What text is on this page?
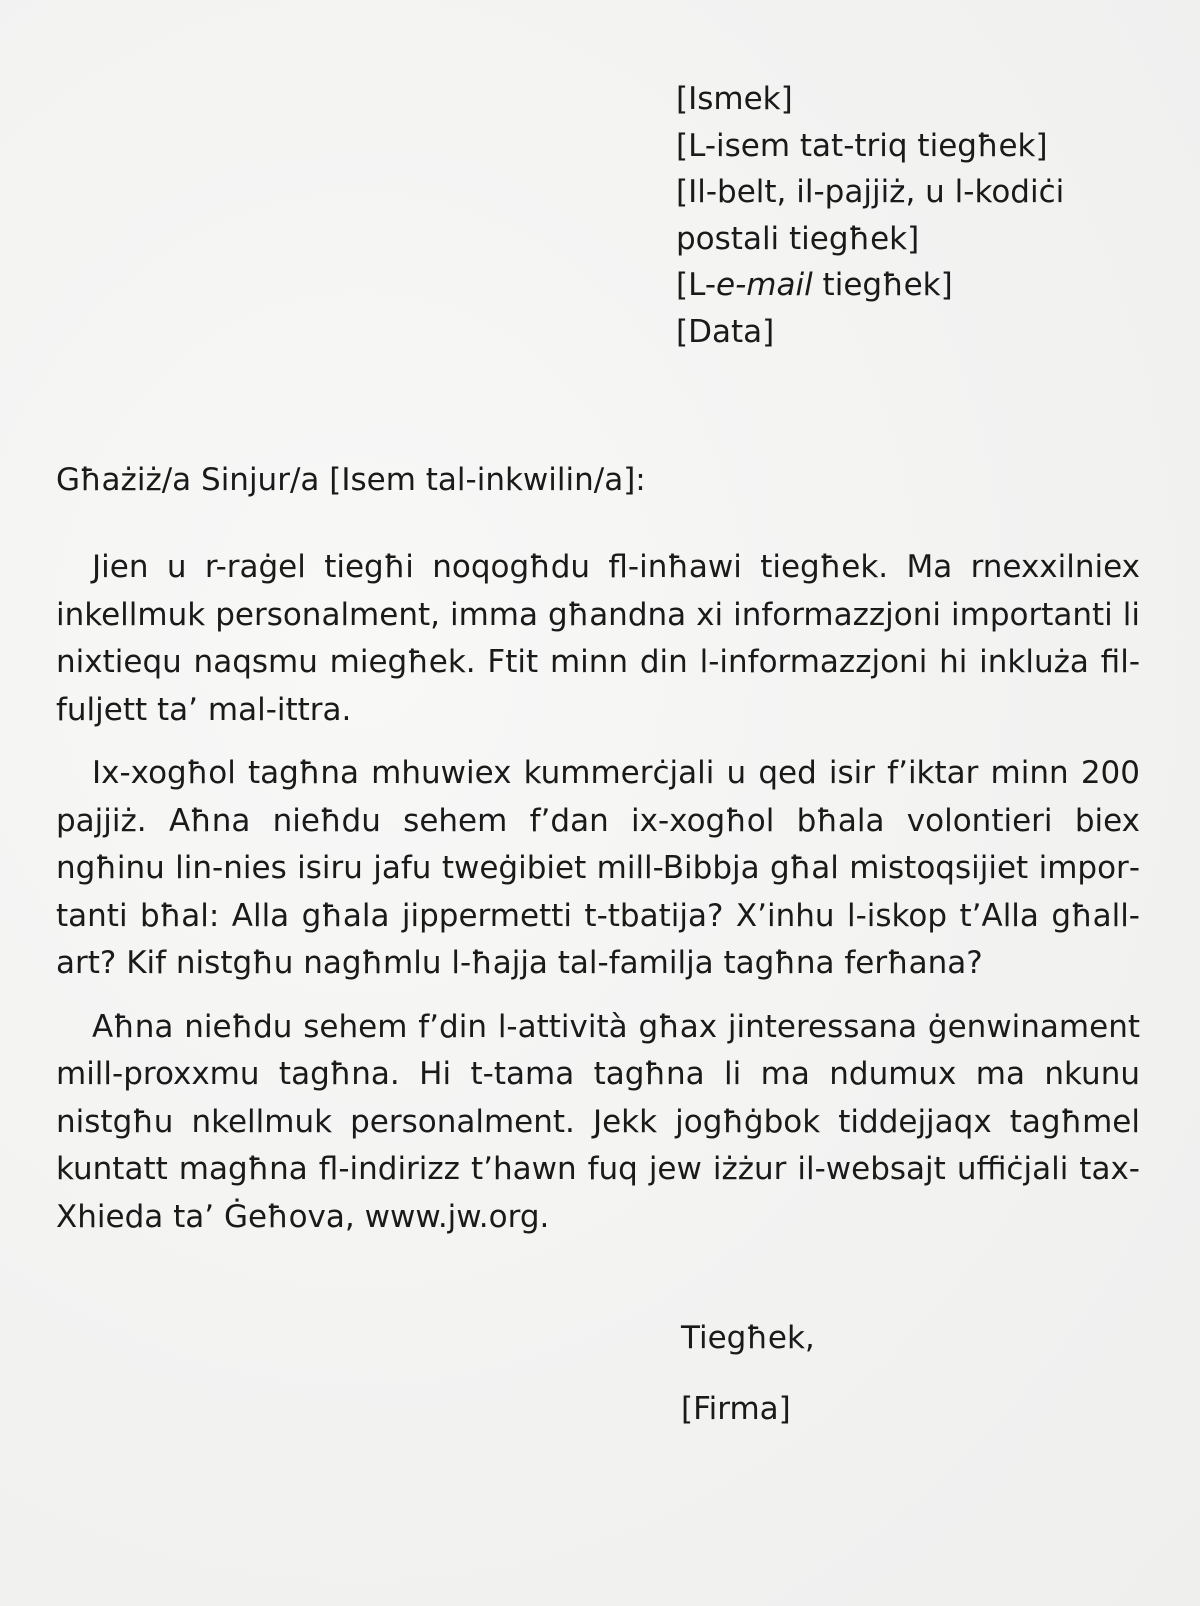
[Ismek]
[L-isem tat-triq tiegħek]
[Il-belt, il-pajjiż, u l-kodiċi
postali tiegħek]
[L-e-mail tiegħek]
[Data]
Għażiż/a Sinjur/a [Isem tal-inkwilin/a]:

Jien u r-raġel tiegħi noqogħdu fl-inħawi tiegħek. Ma rnexxilniex inkellmuk personalment, imma għandna xi informazzjoni importanti li nixtiequ naqsmu miegħek. Ftit minn din l-informazzjoni hi inkluża fil-fuljett ta’ mal-ittra.

Ix-xogħol tagħna mhuwiex kummerċjali u qed isir f’iktar minn 200 pajjiż. Aħna nieħdu sehem f’dan ix-xogħol bħala volontieri biex ngħinu lin-nies isiru jafu tweġibiet mill-Bibbja għal mistoqsijiet importanti bħal: Alla għala jippermetti t-tbatija? X’inhu l-iskop t’Alla għall-art? Kif nistgħu nagħmlu l-ħajja tal-familja tagħna ferħana?

Aħna nieħdu sehem f’din l-attività għax jinteressana ġenwinament mill-proxxmu tagħna. Hi t-tama tagħna li ma ndumux ma nkunu nistgħu nkellmuk personalment. Jekk jogħġbok tiddejjaqx tagħmel kuntatt magħna fl-indirizz t’hawn fuq jew iżżur il-websajt uffiċjali tax-Xhieda ta’ Ġeħova, www.jw.org.

Tiegħek,
[Firma]
